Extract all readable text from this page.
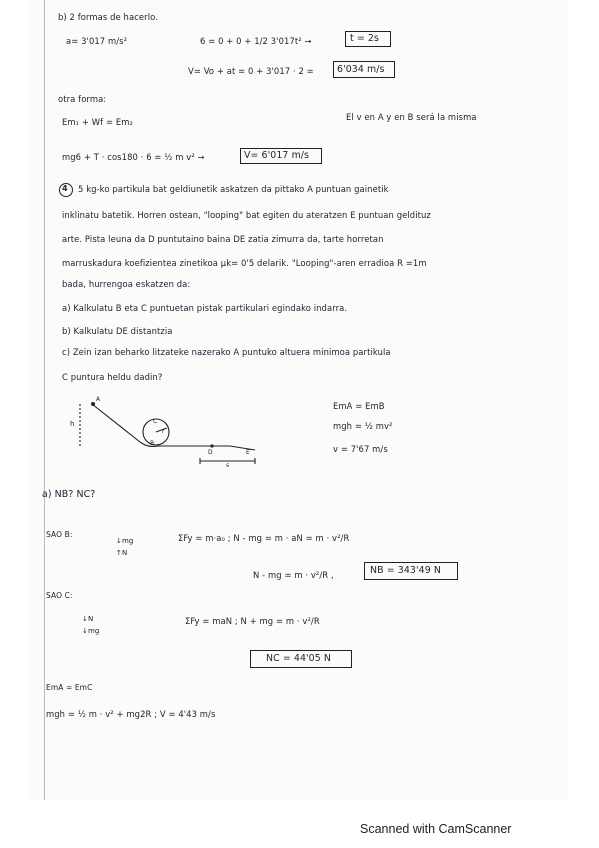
b) 2 formas de hacerlo.
a= 3'017 m/s²	6 = 0 + 0 + 1/2 3'017t² →	t = 2s
V= Vo + at = 0 + 3'017 · 2 = 6'034 m/s
otra forma:
Em₁ + Wf = Em₂	El v en A y en B será la misma
mg6 + T · cos180 · 6 = ½ m v² →	V= 6'017 m/s
4 5 kg-ko partikula bat geldiunetik askatzen da pittako A puntuan gainetik
inklinatu batetik. Horren ostean, "looping" bat egiten du ateratzen E puntuan geldituz
arte. Pista leuna da D puntutaino baina DE zatia zimurra da, tarte horretan
marruskadura koefizientea zinetikoa μk= 0'5 delarik. "Looping"-aren erradioa R =1m
bada, hurrengoa eskatzen da:
a) Kalkulatu B eta C puntuetan pistak partikulari egindako indarra.
b) Kalkulatu DE distantzia
c) Zein izan beharko litzateke nazerako A puntuko altuera minimoa partikula
C puntura heldu dadin?
A
h
B
C
r
D	E
s
EmA = EmB
mgh = ½ mv²
v = 7'67 m/s
a) NB? NC?
SAO B:
↓mg
↑N
ΣFy = m·a₀ ; N - mg = m · aN = m · v²/R
N - mg = m · v²/R ,	NB = 343'49 N
SAO C:
↓N
↓mg
ΣFy = maN ; N + mg = m · v²/R
NC = 44'05 N
EmA = EmC
mgh = ½ m · v² + mg2R ; V = 4'43 m/s
Scanned with CamScanner
